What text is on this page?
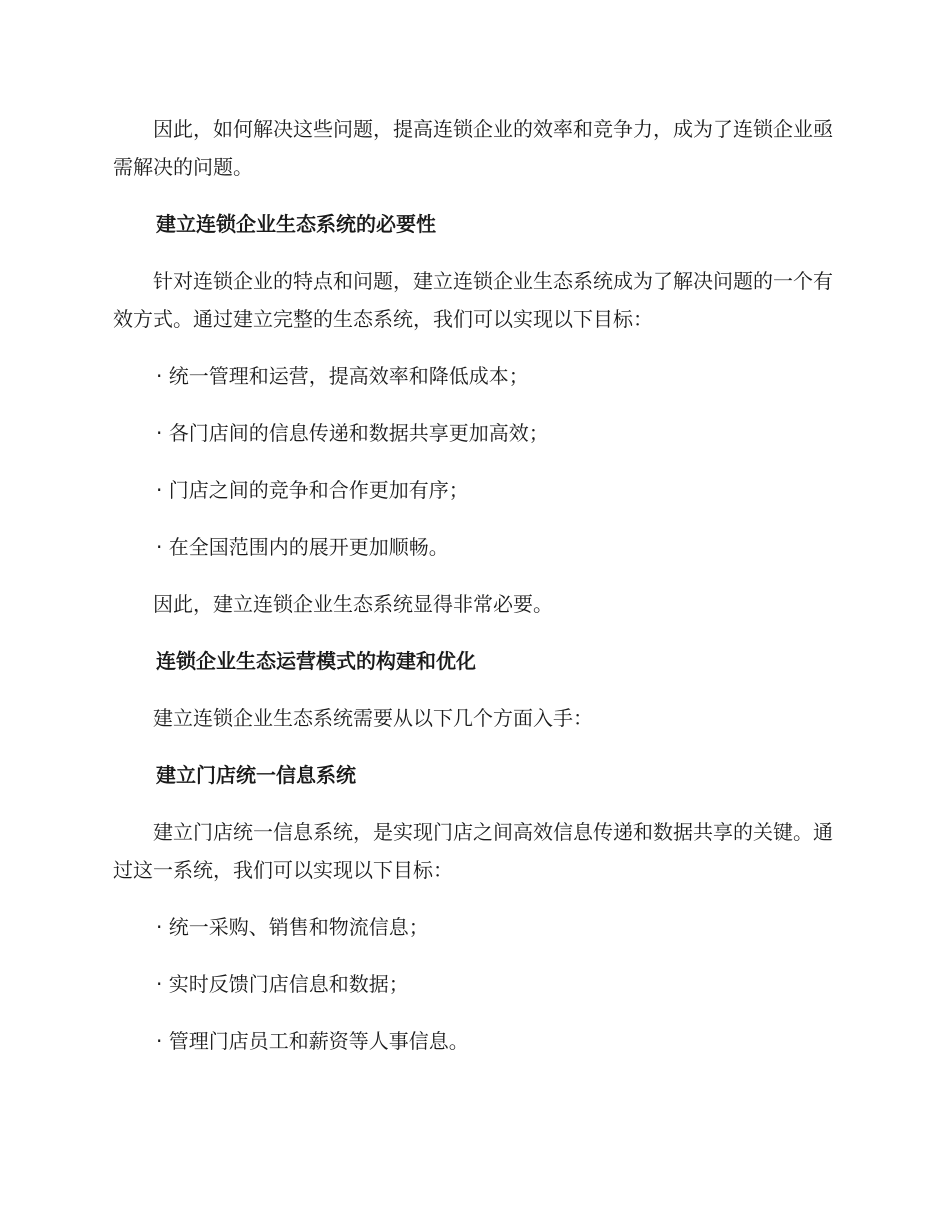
因此，如何解决这些问题，提高连锁企业的效率和竞争力，成为了连锁企业亟需解决的问题。

建立连锁企业生态系统的必要性

针对连锁企业的特点和问题，建立连锁企业生态系统成为了解决问题的一个有效方式。通过建立完整的生态系统，我们可以实现以下目标：

· 统一管理和运营，提高效率和降低成本；

· 各门店间的信息传递和数据共享更加高效；

· 门店之间的竞争和合作更加有序；

· 在全国范围内的展开更加顺畅。

因此，建立连锁企业生态系统显得非常必要。

连锁企业生态运营模式的构建和优化

建立连锁企业生态系统需要从以下几个方面入手：

建立门店统一信息系统

建立门店统一信息系统，是实现门店之间高效信息传递和数据共享的关键。通过这一系统，我们可以实现以下目标：

· 统一采购、销售和物流信息；

· 实时反馈门店信息和数据；

· 管理门店员工和薪资等人事信息。
